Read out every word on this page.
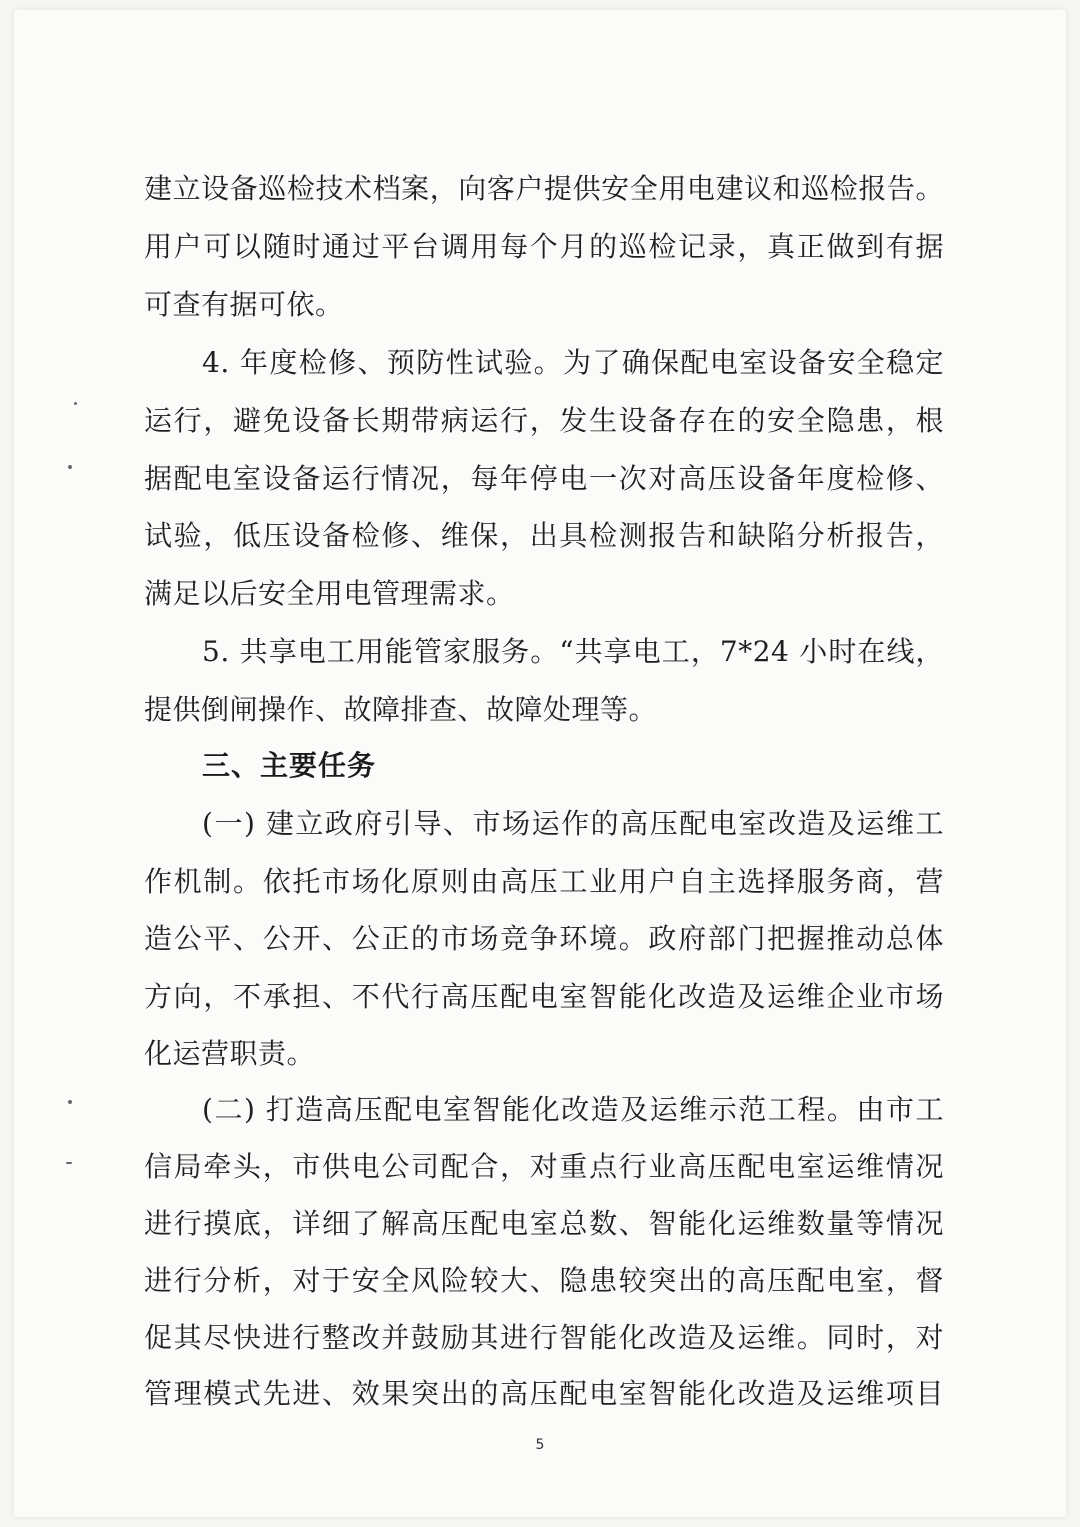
建立设备巡检技术档案，向客户提供安全用电建议和巡检报告。
用户可以随时通过平台调用每个月的巡检记录，真正做到有据
可查有据可依。
4. 年度检修、预防性试验。为了确保配电室设备安全稳定
运行，避免设备长期带病运行，发生设备存在的安全隐患，根
据配电室设备运行情况，每年停电一次对高压设备年度检修、
试验，低压设备检修、维保，出具检测报告和缺陷分析报告，
满足以后安全用电管理需求。
5. 共享电工用能管家服务。“共享电工，7*24 小时在线，
提供倒闸操作、故障排查、故障处理等。
三、主要任务
(一) 建立政府引导、市场运作的高压配电室改造及运维工
作机制。依托市场化原则由高压工业用户自主选择服务商，营
造公平、公开、公正的市场竞争环境。政府部门把握推动总体
方向，不承担、不代行高压配电室智能化改造及运维企业市场
化运营职责。
(二) 打造高压配电室智能化改造及运维示范工程。由市工
信局牵头，市供电公司配合，对重点行业高压配电室运维情况
进行摸底，详细了解高压配电室总数、智能化运维数量等情况
进行分析，对于安全风险较大、隐患较突出的高压配电室，督
促其尽快进行整改并鼓励其进行智能化改造及运维。同时，对
管理模式先进、效果突出的高压配电室智能化改造及运维项目
5
